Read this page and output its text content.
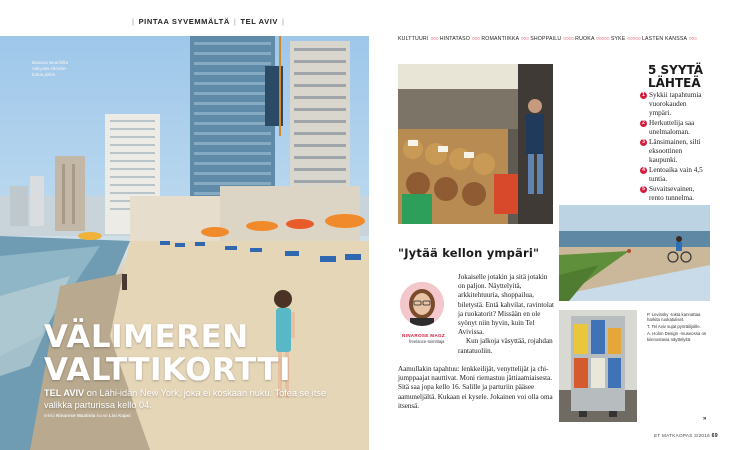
| PINTAA SYVEMMÄLTÄ | TEL AVIV |
Banana Beachilta
näkyvää Allenbe-
katua pitkin.
VÄLIMEREN
VALTTIKORTTI
TEL AVIV on Lähi-idän New York, joka ei koskaan nuku. Tofea se itse valikka parturissa kello 04.
teksti Ninarose Maatiola kuvat Lisi Kapsi
KULTTUURI ○○○ HINTATASO ○○○ ROMANTIIKKA ○○○ SHOPPAILU ○○○○ RUOKA ○○○○○ SYKE ○○○○○ LASTEN KANSSA ○○○
5 SYYTÄ
LÄHTEÄ
1 Sykkii tapahtumia vuorokauden ympäri.
2 Herkuttelija saa unelmaloman.
3 Länsimainen, silti eksoottinen kaupunki.
4 Lentoaika vain 4,5 tuntia.
5 Suvaitsevainen, rento tunnelma.
"Jytää kellon ympäri"
NINAROSE MAGZ
freelance-toimittaja

Jokaiselle jotakin ja sitä jotakin on paljon. Näyttelyitä, arkkitehtuuria, shoppailua, biletystä. Entä kahvilat, ravintolat ja ruokatorit? Missään en ole syönyt niin hyvin, kuin Tel Avivissa.

Kun jalkoja väsyttää, rojahdan rantatuoliin.

Aamullakin tapahtuu: lenkkeilijät, venyttelijät ja chi-jumppaajat nauttivat. Moni riemastuu jättiaamiaisesta. Sitä saa jopa kello 16. Salille ja parturiin pääsee aamuneljältä. Kukaan ei kysele. Jokainen voi olla oma itsensä.

P. Levinsky -tokta kannattaa harkita ruokatuliset.

T. Tel Aviv sujat pyöräilijöille.

A. Holon Design -museossa on kiinnostavia näyttelyitä.

»
ET MATKAOPAS 3/2016 69
